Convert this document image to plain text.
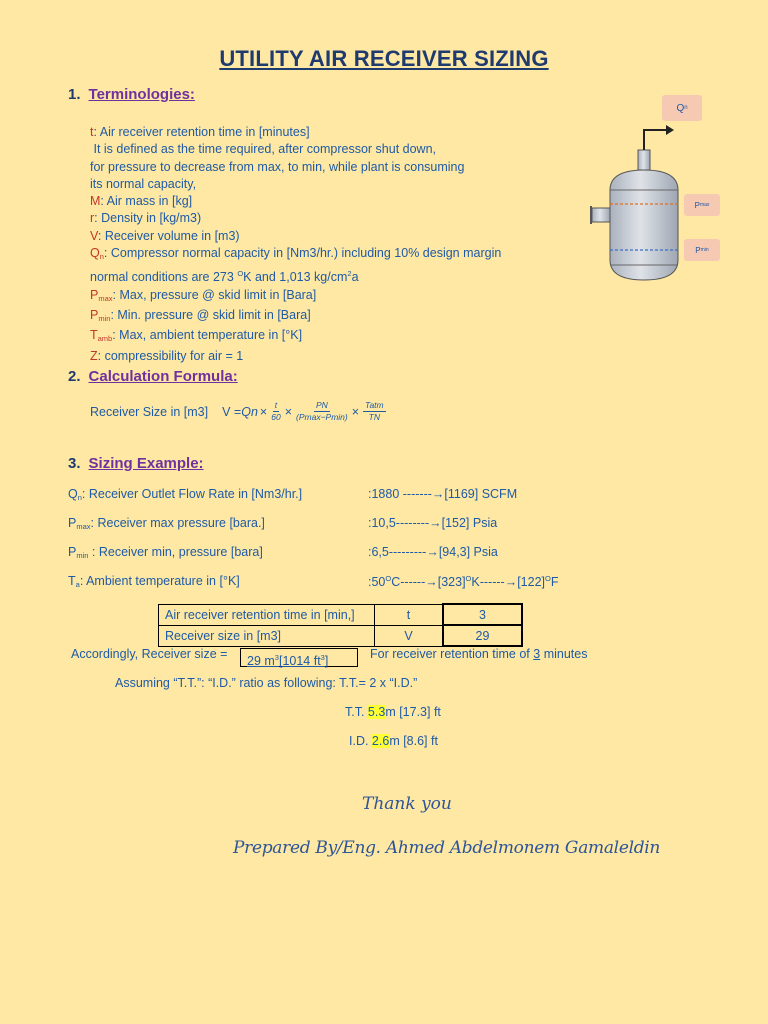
UTILITY AIR RECEIVER SIZING
1. Terminologies:
t: Air receiver retention time in [minutes]
It is defined as the time required, after compressor shut down,
for pressure to decrease from max, to min, while plant is consuming
its normal capacity,
M: Air mass in [kg]
r: Density in [kg/m3)
V: Receiver volume in [m3)
$Q_n$: Compressor normal capacity in [Nm3/hr.) including 10% design margin
normal conditions are 273 $^O$K and 1,013 $kg/cm^2a$
$P_{max}$: Max, pressure @ skid limit in [Bara]
$P_{min}$: Min. pressure @ skid limit in [Bara]
$T_{amb}$: Max, ambient temperature in [°K]
Z: compressibility for air = 1
Q n
P max
P min
2. Calculation Formula:
Receiver Size in [m3] $V = Qn \times \frac{t}{60} \times \frac{PN}{(Pmax-Pmin)} \times \frac{\text{Tatm}}{TN}$
3. Sizing Example:
$Q_n$: Receiver Outlet Flow Rate in [Nm3/hr.]	:1880 -------→[1169] SCFM
$P_{max}$: Receiver max pressure [bara.]	:10,5--------→[152] Psia
$P_{min}$ : Receiver min, pressure [bara]	:6,5---------→[94,3] Psia
$T_a$: Ambient temperature in [°K]	$:50^OC------\to[323]^OK------\to[122]^OF$
Air receiver retention time in [min,]	t	3
Receiver size in [m3]	V	29
Accordingly, Receiver size =	29 $m^3[1014$ $ft^3$]	For receiver retention time of 3 minutes
Assuming “T.T.”: “I.D.” ratio as following: T.T.= 2 x “I.D.”
T.T. 5.3m [17.3] ft
I.D. 2.6m [8.6] ft
Thank you
Prepared By/Eng. Ahmed Abdelmonem Gamaleldin
